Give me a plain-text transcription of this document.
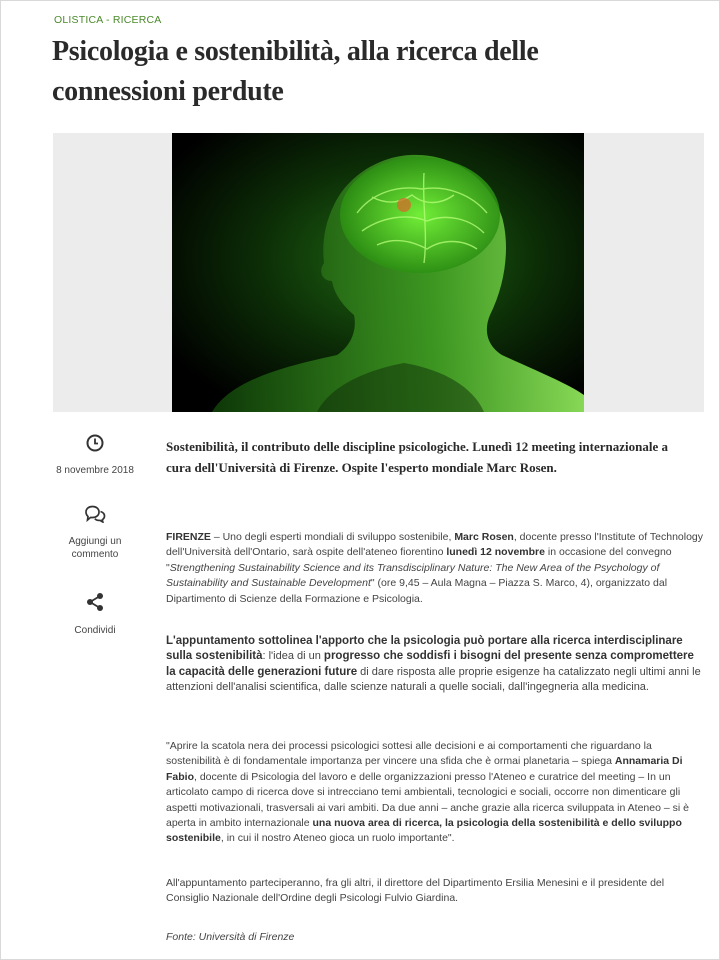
OLISTICA - RICERCA
Psicologia e sostenibilità, alla ricerca delle connessioni perdute
8 novembre 2018
Aggiungi un commento
Condividi

Sostenibilità, il contributo delle discipline psicologiche. Lunedì 12 meeting internazionale a cura dell'Università di Firenze. Ospite l'esperto mondiale Marc Rosen.

FIRENZE – Uno degli esperti mondiali di sviluppo sostenibile, Marc Rosen, docente presso l'Institute of Technology dell'Università dell'Ontario, sarà ospite dell'ateneo fiorentino lunedì 12 novembre in occasione del convegno "Strengthening Sustainability Science and its Transdisciplinary Nature: The New Area of the Psychology of Sustainability and Sustainable Development" (ore 9,45 – Aula Magna – Piazza S. Marco, 4), organizzato dal Dipartimento di Scienze della Formazione e Psicologia.

L'appuntamento sottolinea l'apporto che la psicologia può portare alla ricerca interdisciplinare sulla sostenibilità: l'idea di un progresso che soddisfi i bisogni del presente senza compromettere la capacità delle generazioni future di dare risposta alle proprie esigenze ha catalizzato negli ultimi anni le attenzioni dell'analisi scientifica, dalle scienze naturali a quelle sociali, dall'ingegneria alla medicina.

"Aprire la scatola nera dei processi psicologici sottesi alle decisioni e ai comportamenti che riguardano la sostenibilità è di fondamentale importanza per vincere una sfida che è ormai planetaria – spiega Annamaria Di Fabio, docente di Psicologia del lavoro e delle organizzazioni presso l'Ateneo e curatrice del meeting – In un articolato campo di ricerca dove si intrecciano temi ambientali, tecnologici e sociali, occorre non dimenticare gli aspetti motivazionali, trasversali ai vari ambiti. Da due anni – anche grazie alla ricerca sviluppata in Ateneo – si è aperta in ambito internazionale una nuova area di ricerca, la psicologia della sostenibilità e dello sviluppo sostenibile, in cui il nostro Ateneo gioca un ruolo importante".

All'appuntamento parteciperanno, fra gli altri, il direttore del Dipartimento Ersilia Menesini e il presidente del Consiglio Nazionale dell'Ordine degli Psicologi Fulvio Giardina.

Fonte: Università di Firenze
